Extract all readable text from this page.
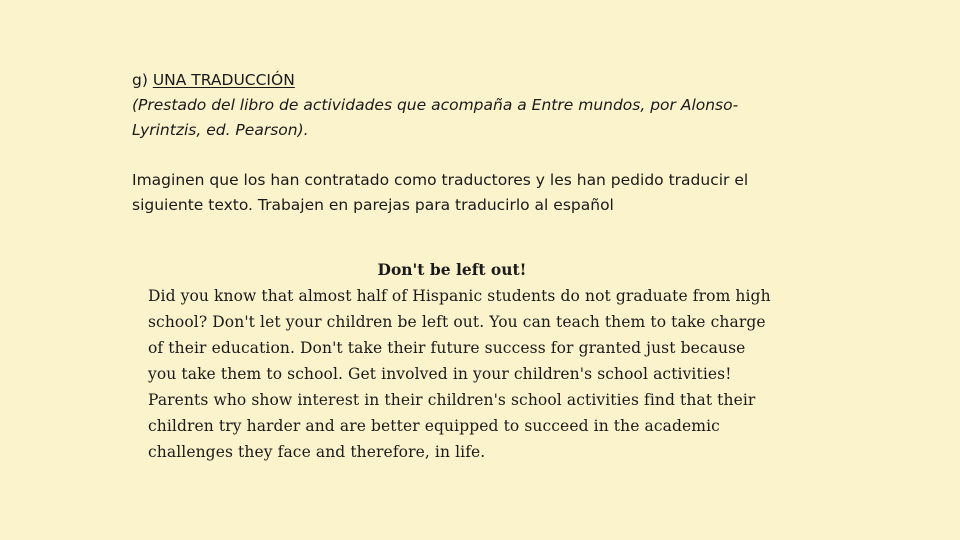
g) UNA TRADUCCIÓN

(Prestado del libro de actividades que acompaña a Entre mundos, por Alonso-Lyrintzis, ed. Pearson).

Imaginen que los han contratado como traductores y les han pedido traducir el siguiente texto. Trabajen en parejas para traducirlo al español

Don't be left out!

Did you know that almost half of Hispanic students do not graduate from high school? Don't let your children be left out. You can teach them to take charge of their education. Don't take their future success for granted just because you take them to school. Get involved in your children's school activities! Parents who show interest in their children's school activities find that their children try harder and are better equipped to succeed in the academic challenges they face and therefore, in life.
